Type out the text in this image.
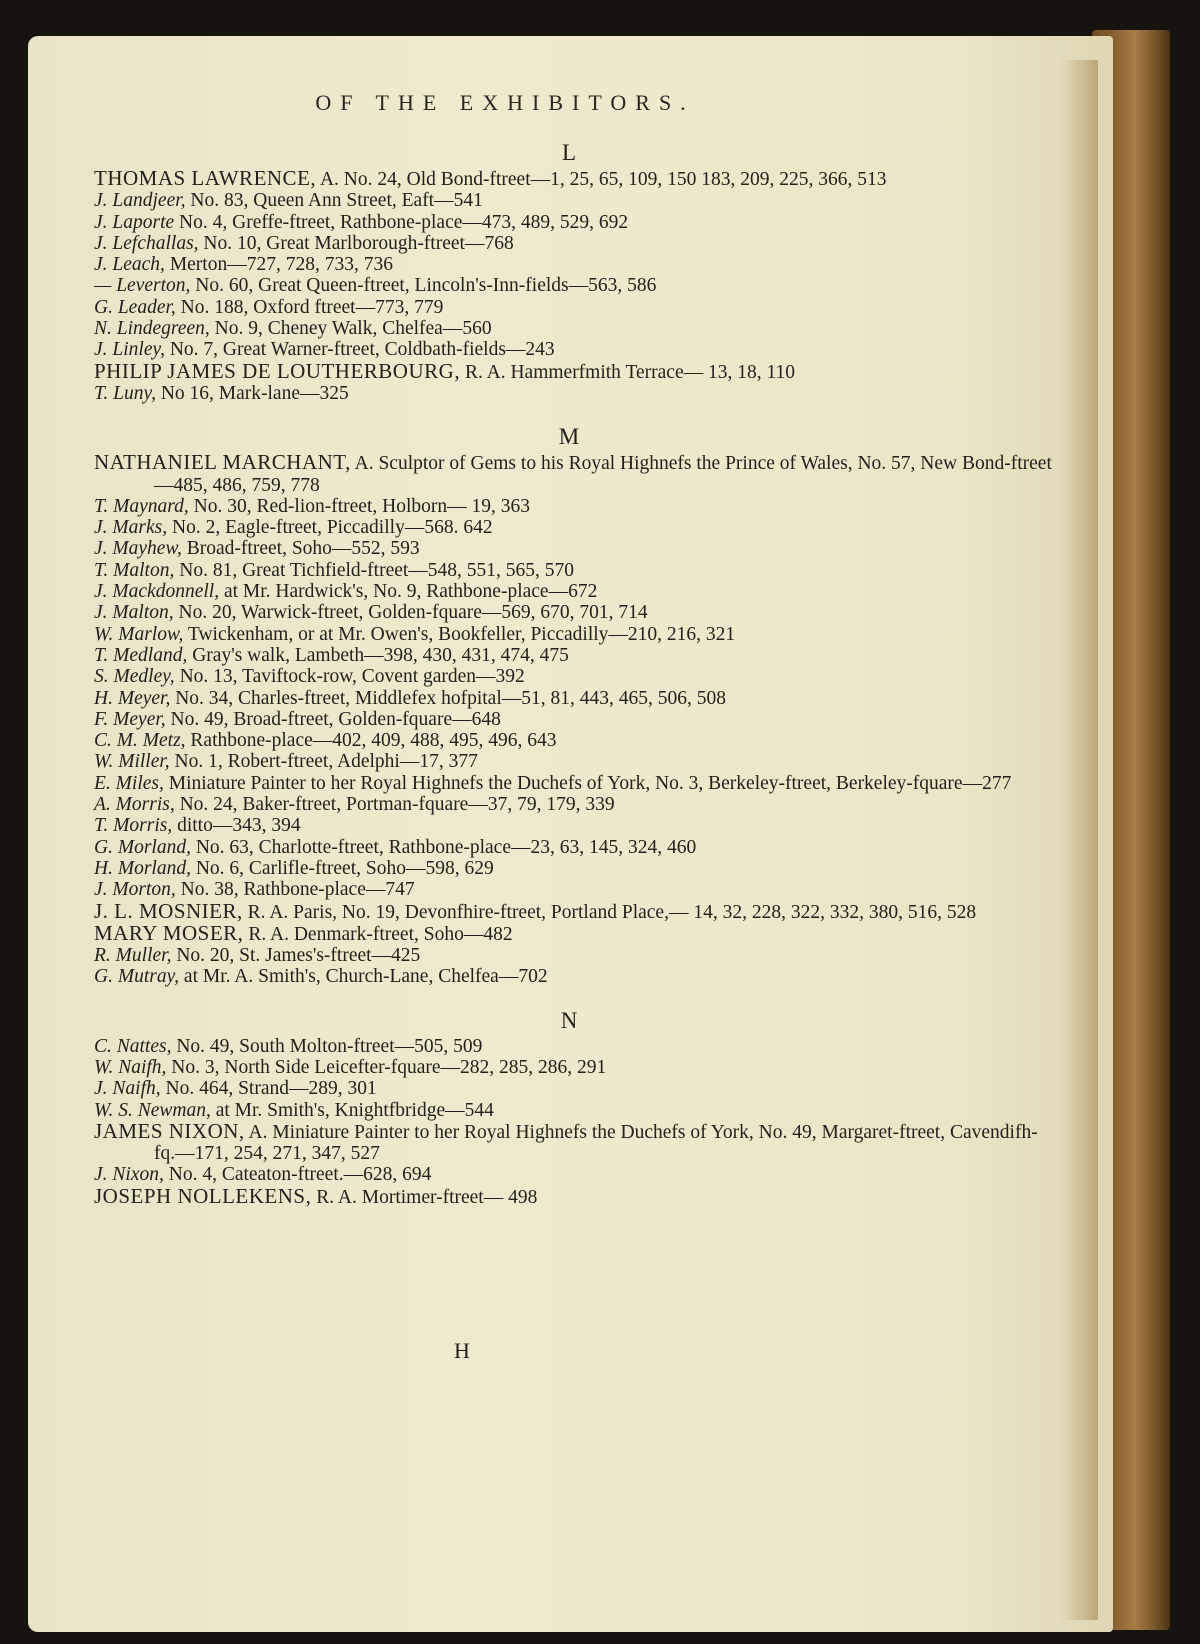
OF THE EXHIBITORS.
L

THOMAS LAWRENCE, A. No. 24, Old Bond-ftreet—1, 25, 65, 109, 150 183, 209, 225, 366, 513

J. Landjeer, No. 83, Queen Ann Street, Eaft—541

J. Laporte No. 4, Greffe-ftreet, Rathbone-place—473, 489, 529, 692

J. Lefchallas, No. 10, Great Marlborough-ftreet—768

J. Leach, Merton—727, 728, 733, 736

— Leverton, No. 60, Great Queen-ftreet, Lincoln's-Inn-fields—563, 586

G. Leader, No. 188, Oxford ftreet—773, 779

N. Lindegreen, No. 9, Cheney Walk, Chelfea—560

J. Linley, No. 7, Great Warner-ftreet, Coldbath-fields—243

PHILIP JAMES DE LOUTHERBOURG, R. A. Hammerfmith Terrace— 13, 18, 110

T. Luny, No 16, Mark-lane—325

M

NATHANIEL MARCHANT, A. Sculptor of Gems to his Royal Highnefs the Prince of Wales, No. 57, New Bond-ftreet—485, 486, 759, 778

T. Maynard, No. 30, Red-lion-ftreet, Holborn— 19, 363

J. Marks, No. 2, Eagle-ftreet, Piccadilly—568. 642

J. Mayhew, Broad-ftreet, Soho—552, 593

T. Malton, No. 81, Great Tichfield-ftreet—548, 551, 565, 570

J. Mackdonnell, at Mr. Hardwick's, No. 9, Rathbone-place—672

J. Malton, No. 20, Warwick-ftreet, Golden-fquare—569, 670, 701, 714

W. Marlow, Twickenham, or at Mr. Owen's, Bookfeller, Piccadilly—210, 216, 321

T. Medland, Gray's walk, Lambeth—398, 430, 431, 474, 475

S. Medley, No. 13, Taviftock-row, Covent garden—392

H. Meyer, No. 34, Charles-ftreet, Middlefex hofpital—51, 81, 443, 465, 506, 508

F. Meyer, No. 49, Broad-ftreet, Golden-fquare—648

C. M. Metz, Rathbone-place—402, 409, 488, 495, 496, 643

W. Miller, No. 1, Robert-ftreet, Adelphi—17, 377

E. Miles, Miniature Painter to her Royal Highnefs the Duchefs of York, No. 3, Berkeley-ftreet, Berkeley-fquare—277

A. Morris, No. 24, Baker-ftreet, Portman-fquare—37, 79, 179, 339

T. Morris, ditto—343, 394

G. Morland, No. 63, Charlotte-ftreet, Rathbone-place—23, 63, 145, 324, 460

H. Morland, No. 6, Carlifle-ftreet, Soho—598, 629

J. Morton, No. 38, Rathbone-place—747

J. L. MOSNIER, R. A. Paris, No. 19, Devonfhire-ftreet, Portland Place,— 14, 32, 228, 322, 332, 380, 516, 528

MARY MOSER, R. A. Denmark-ftreet, Soho—482

R. Muller, No. 20, St. James's-ftreet—425

G. Mutray, at Mr. A. Smith's, Church-Lane, Chelfea—702

N

C. Nattes, No. 49, South Molton-ftreet—505, 509

W. Naifh, No. 3, North Side Leicefter-fquare—282, 285, 286, 291

J. Naifh, No. 464, Strand—289, 301

W. S. Newman, at Mr. Smith's, Knightfbridge—544

JAMES NIXON, A. Miniature Painter to her Royal Highnefs the Duchefs of York, No. 49, Margaret-ftreet, Cavendifh-fq.—171, 254, 271, 347, 527

J. Nixon, No. 4, Cateaton-ftreet.—628, 694

JOSEPH NOLLEKENS, R. A. Mortimer-ftreet— 498

H
